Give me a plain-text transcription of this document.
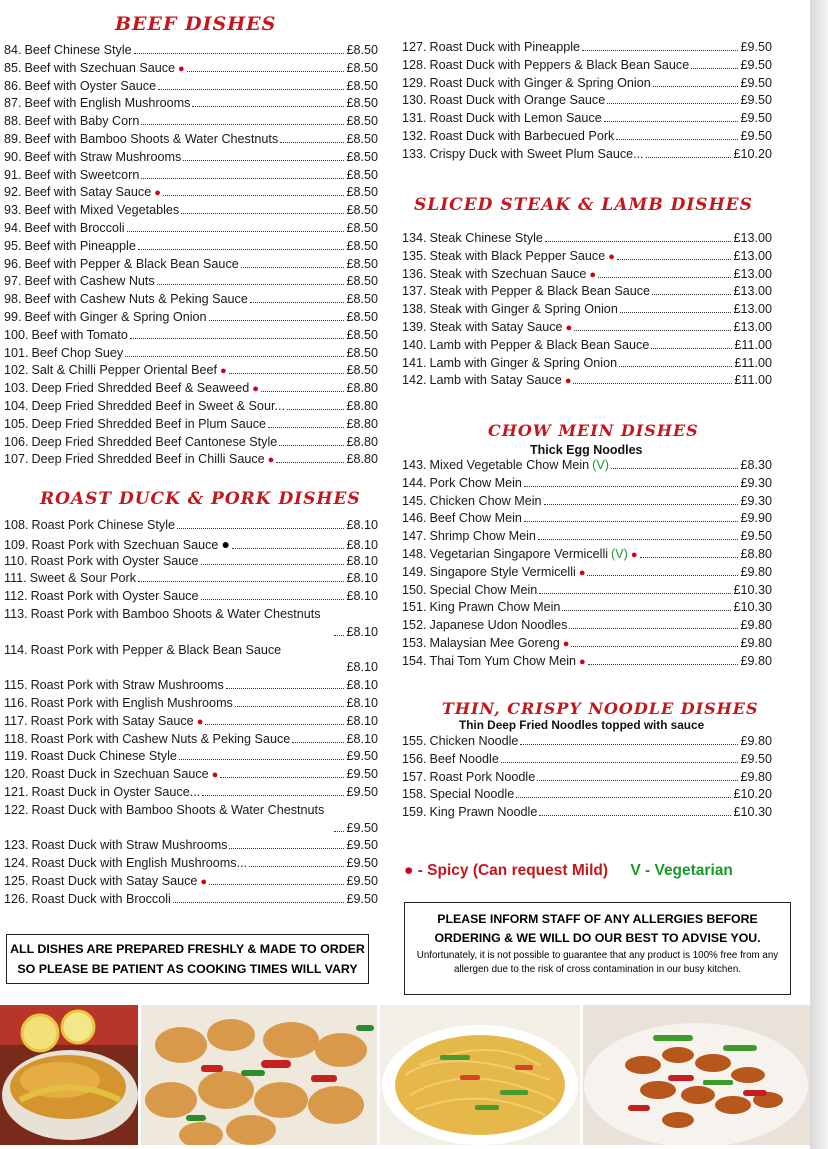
BEEF DISHES
84. Beef Chinese Style	£8.50
85. Beef with Szechuan Sauce ●	£8.50
86. Beef with Oyster Sauce	£8.50
87. Beef with English Mushrooms	£8.50
88. Beef with Baby Corn	£8.50
89. Beef with Bamboo Shoots & Water Chestnuts	£8.50
90. Beef with Straw Mushrooms	£8.50
91. Beef with Sweetcorn	£8.50
92. Beef with Satay Sauce ●	£8.50
93. Beef with Mixed Vegetables	£8.50
94. Beef with Broccoli	£8.50
95. Beef with Pineapple	£8.50
96. Beef with Pepper & Black Bean Sauce	£8.50
97. Beef with Cashew Nuts	£8.50
98. Beef with Cashew Nuts & Peking Sauce	£8.50
99. Beef with Ginger & Spring Onion	£8.50
100. Beef with Tomato	£8.50
101. Beef Chop Suey	£8.50
102. Salt & Chilli Pepper Oriental Beef ●	£8.50
103. Deep Fried Shredded Beef & Seaweed ●	£8.80
104. Deep Fried Shredded Beef in Sweet & Sour...	£8.80
105. Deep Fried Shredded Beef in Plum Sauce	£8.80
106. Deep Fried Shredded Beef Cantonese Style	£8.80
107. Deep Fried Shredded Beef in Chilli Sauce ●	£8.80
ROAST DUCK & PORK DISHES
108. Roast Pork Chinese Style	£8.10
109. Roast Pork with Szechuan Sauce ●	£8.10
110. Roast Pork with Oyster Sauce	£8.10
111. Sweet & Sour Pork	£8.10
112. Roast Pork with Oyster Sauce	£8.10
113. Roast Pork with Bamboo Shoots & Water Chestnuts
£8.10
114. Roast Pork with Pepper & Black Bean Sauce
£8.10
115. Roast Pork with Straw Mushrooms	£8.10
116. Roast Pork with English Mushrooms	£8.10
117. Roast Pork with Satay Sauce ●	£8.10
118. Roast Pork with Cashew Nuts & Peking Sauce	£8.10
119. Roast Duck Chinese Style	£9.50
120. Roast Duck in Szechuan Sauce ●	£9.50
121. Roast Duck in Oyster Sauce...	£9.50
122. Roast Duck with Bamboo Shoots & Water Chestnuts
£9.50
123. Roast Duck with Straw Mushrooms	£9.50
124. Roast Duck with English Mushrooms...	£9.50
125. Roast Duck with Satay Sauce ●	£9.50
126. Roast Duck with Broccoli	£9.50
127. Roast Duck with Pineapple	£9.50
128. Roast Duck with Peppers & Black Bean Sauce	£9.50
129. Roast Duck with Ginger & Spring Onion	£9.50
130. Roast Duck with Orange Sauce	£9.50
131. Roast Duck with Lemon Sauce	£9.50
132. Roast Duck with Barbecued Pork	£9.50
133. Crispy Duck with Sweet Plum Sauce...	£10.20
SLICED STEAK & LAMB DISHES
134. Steak Chinese Style	£13.00
135. Steak with Black Pepper Sauce ●	£13.00
136. Steak with Szechuan Sauce ●	£13.00
137. Steak with Pepper & Black Bean Sauce	£13.00
138. Steak with Ginger & Spring Onion	£13.00
139. Steak with Satay Sauce ●	£13.00
140. Lamb with Pepper & Black Bean Sauce	£11.00
141. Lamb with Ginger & Spring Onion	£11.00
142. Lamb with Satay Sauce ●	£11.00
CHOW MEIN DISHES
Thick Egg Noodles
143. Mixed Vegetable Chow Mein (V)	£8.30
144. Pork Chow Mein	£9.30
145. Chicken Chow Mein	£9.30
146. Beef Chow Mein	£9.90
147. Shrimp Chow Mein	£9.50
148. Vegetarian Singapore Vermicelli (V) ●	£8.80
149. Singapore Style Vermicelli ●	£9.80
150. Special Chow Mein	£10.30
151. King Prawn Chow Mein	£10.30
152. Japanese Udon Noodles	£9.80
153. Malaysian Mee Goreng ●	£9.80
154. Thai Tom Yum Chow Mein ●	£9.80
THIN, CRISPY NOODLE DISHES
Thin Deep Fried Noodles topped with sauce
155. Chicken Noodle	£9.80
156. Beef Noodle	£9.50
157. Roast Pork Noodle	£9.80
158. Special Noodle	£10.20
159. King Prawn Noodle	£10.30
● - Spicy (Can request Mild) V - Vegetarian
ALL DISHES ARE PREPARED FRESHLY & MADE TO ORDER
SO PLEASE BE PATIENT AS COOKING TIMES WILL VARY
PLEASE INFORM STAFF OF ANY ALLERGIES BEFORE
ORDERING & WE WILL DO OUR BEST TO ADVISE YOU.
Unfortunately, it is not possible to guarantee that any product is 100% free from any allergen due to the risk of cross contamination in our busy kitchen.
